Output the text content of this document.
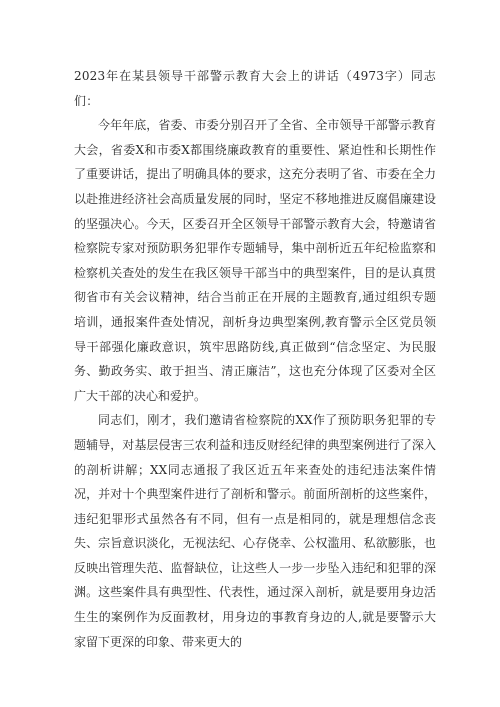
2023年在某县领导干部警示教育大会上的讲话（4973字）同志们：

今年年底，省委、市委分别召开了全省、全市领导干部警示教育大会，省委X和市委X都围绕廉政教育的重要性、紧迫性和长期性作了重要讲话，提出了明确具体的要求，这充分表明了省、市委在全力以赴推进经济社会高质量发展的同时，坚定不移地推进反腐倡廉建设的坚强决心。今天，区委召开全区领导干部警示教育大会，特邀请省检察院专家对预防职务犯罪作专题辅导，集中剖析近五年纪检监察和检察机关查处的发生在我区领导干部当中的典型案件，目的是认真贯彻省市有关会议精神，结合当前正在开展的主题教育,通过组织专题培训，通报案件查处情况，剖析身边典型案例,教育警示全区党员领导干部强化廉政意识，筑牢思路防线,真正做到“信念坚定、为民服务、勤政务实、敢于担当、清正廉洁”，这也充分体现了区委对全区广大干部的决心和爱护。

同志们，刚才，我们邀请省检察院的XX作了预防职务犯罪的专题辅导，对基层侵害三农利益和违反财经纪律的典型案例进行了深入的剖析讲解；XX同志通报了我区近五年来查处的违纪违法案件情况，并对十个典型案件进行了剖析和警示。前面所剖析的这些案件，违纪犯罪形式虽然各有不同，但有一点是相同的，就是理想信念丧失、宗旨意识淡化，无视法纪、心存侥幸、公权滥用、私欲膨胀，也反映出管理失范、监督缺位，让这些人一步一步坠入违纪和犯罪的深渊。这些案件具有典型性、代表性，通过深入剖析，就是要用身边活生生的案例作为反面教材，用身边的事教育身边的人,就是要警示大家留下更深的印象、带来更大的
